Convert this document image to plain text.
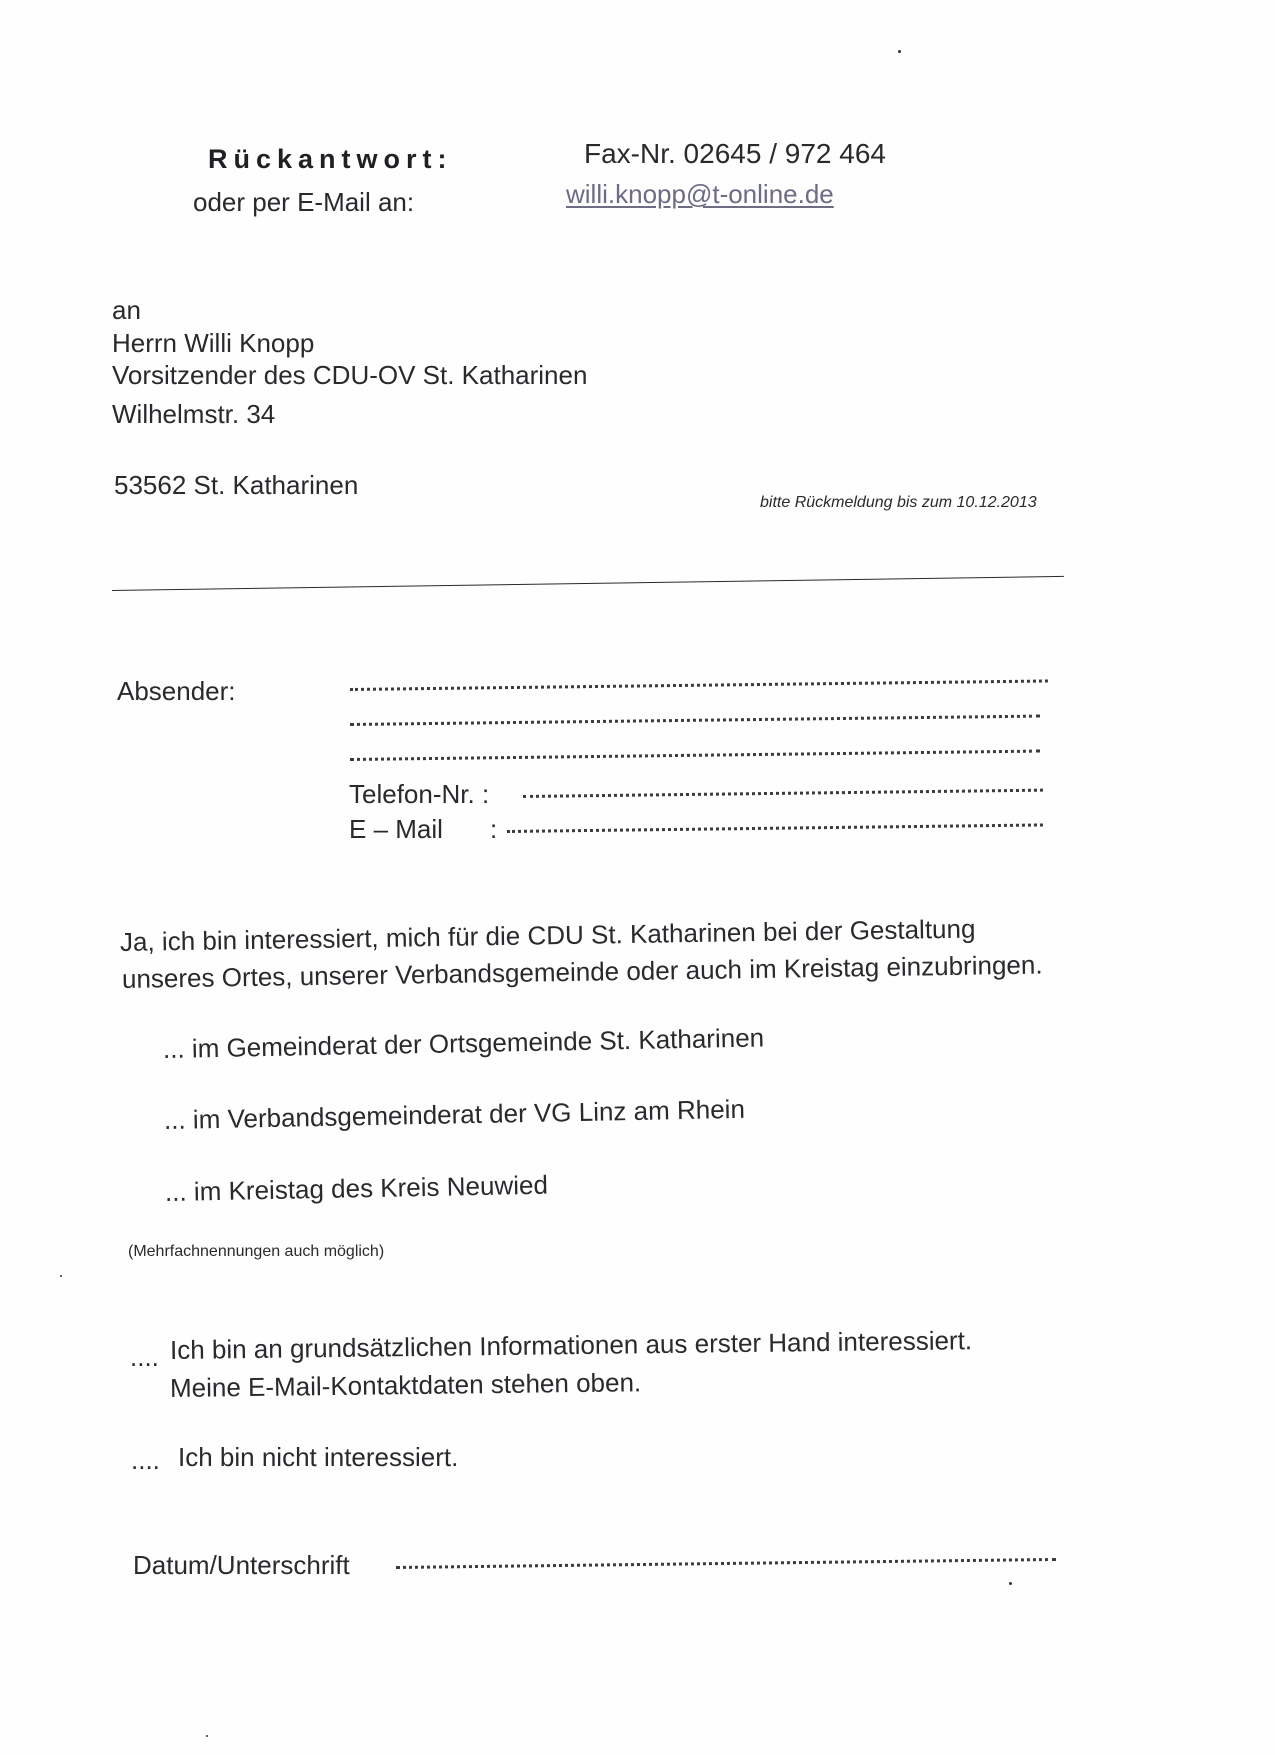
Rückantwort:	Fax-Nr. 02645 / 972 464
oder per E-Mail an:	willi.knopp@t-online.de
an
Herrn Willi Knopp
Vorsitzender des CDU-OV St. Katharinen
Wilhelmstr. 34
53562 St. Katharinen
bitte Rückmeldung bis zum 10.12.2013
Absender:
Telefon-Nr. :
E – Mail :
Ja, ich bin interessiert, mich für die CDU St. Katharinen bei der Gestaltung
unseres Ortes, unserer Verbandsgemeinde oder auch im Kreistag einzubringen.
... im Gemeinderat der Ortsgemeinde St. Katharinen
... im Verbandsgemeinderat der VG Linz am Rhein
... im Kreistag des Kreis Neuwied
(Mehrfachnennungen auch möglich)
.... Ich bin an grundsätzlichen Informationen aus erster Hand interessiert.
Meine E-Mail-Kontaktdaten stehen oben.
.... Ich bin nicht interessiert.
Datum/Unterschrift
